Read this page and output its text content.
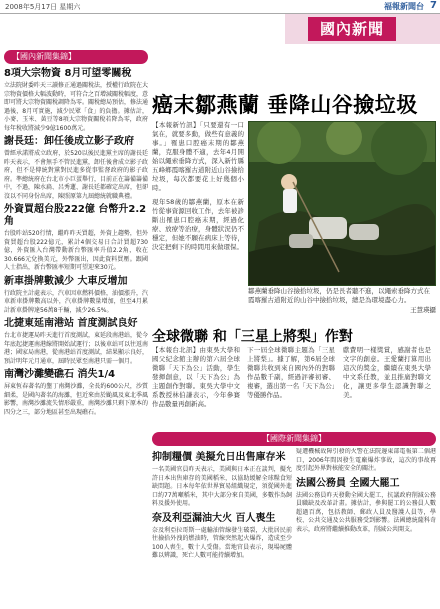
2008年5月17日 星期六	福報新聞台 7
國內新聞
【國內新聞集錦】
8項大宗物資 8月可望零關稅

立法院財委昨天三讀修正通過關稅法，授權行政院在大宗物資價格大幅波動時，可符合之百增減關稅幅度，意即可將大宗物資關稅調降為零。關稅總局預估，修法通過後，8月可實施，減少民眾「食」的負擔。據估計，小麥、玉米、黃豆等8項大宗物資關稅若降為零，政府每年稅收將減少9億1600萬元。

謝長廷：卸任後成立影子政府

曾經承諾將成立政府，於520以後民進黨主席的謝長廷昨天表示，不會無手不管民進黨，卸任後會成立影子政府，但不是傳統對黨對民進多從事監督政府的影子政府。準總統府在台北市小巨蛋舉行，目前正在籌備籌備中，不過，陳水扁、呂秀蓮、謝長廷都確定出席，但卻沒以不同身份出席，陳照原第九屆總統就職典禮。

外資買超台股222億 台幣升2.2角

台股昨站520行情，繼昨昨天買超，外資上趨勢，但外資買超台股222億元，累計4個交易日合計買超730億，外資匯入台灣帶動新台幣匯率升值2.2角，收在30.666元兌換美元，外幣匯出，因此資料買壓。跟國人士指出，新台幣匯率短期可望迎來30元。

新車掛牌數減少 大車反增加

行政院主計處表示，汽車因車燃料價格，油價漲升，汽車新車掛牌數高以外，汽車掛牌數量增加，但至4月累計新車掛牌達56萬8千輛，減少26.5%。

北捷東延南港站 首度測試良好

台北市捷運局昨天進行首度測試，東延段南港站，從今年底起捷運南港線將開始試運行；以後車站可以往返南港；國家局南港，從南港站首度測試，結果顯示良好，預計明年元月通車，屆時民眾至南港只需一個月。

南灣沙灘變礁石 消失1/4

屏東恆春著名的墾丁南灣沙灘，全長約600公尺，沙質細柔，是國內著名的海灘，但近來由於颱風及東北季風影響，南灣沙灘流失情形嚴重，南灣沙灘只剩下原本的四分之三，部分地區甚至出現礁石。

癌末鄒燕蘭 垂降山谷撿垃圾
【本報新竹訊】「只要還有一口氣在，就要多動，做些有意義的事。」罹患口腔癌末期的鄒燕蘭，克服身體不適，去年4月開始以繩索垂降方式，深入新竹縣五峰鄉霞喀羅古道附近山谷撿拾垃圾，每次都要花上好幾個小時。
現年58歲的鄒燕蘭，原本在新竹從事資源回收工作，去年被診斷出罹患口腔癌末期，經過化療、放療等治療，身體狀況仍不穩定，但她不願在病床上等待，決定把剩下的時間用來做環保。
鄒燕蘭垂降山谷撿拾垃圾，仍是長者聽不進，以繩索垂降方式在霞喀羅古道附近的山谷中撿拾垃圾，總是為環境盡心力。
王慧瑛攝
全球微聯 和「三星上將梨」作對
【本報台北訊】由東吳大學和國父紀念館主辦的第六屆全球微聯「天下為公」活動，學生發揮創意，以「天下為公」為主題創作對聯。東吳大學中文系教授林伯謙表示，今年參賽作品數量再創新高。
下一屆全球微聯主題為「三星上將梨」。據了解，第6屆全球微聯共收到來自國內外的對聯作品數千副，經過評審初審、複審，選出第一名「天下為公」等優勝作品。

獻費明一樣獎賞，感謝者也是文字的創意。王愛蘭打算用出這次的獎金，繼續在東吳大學中文系任教，並且推廣對聯文化，讓更多學生認識對聯之美。

【國際新聞集錦】
抑制糧價 美擬允日出售庫存米

一名美國官員昨天表示，美國與日本正在談判，擬允許日本出售庫存的美國稻米，以協助緩解全球糧食短缺問題。日本每年依世界貿易組織規定，須從國外進口約77萬噸稻米，其中大部分來自美國，多數作為飼料及援外使用。

奈及利亞漏油大火 百人喪生

奈及利亞拉哥斯一處輸油管線發生破裂，大批居民前往撿拾外洩的燃油時，管線突然起火爆炸，造成至少100人喪生，數十人受傷。當地官員表示，現場屍體難以辨識，死亡人數可能持續增加。

疑遭機械故障引發的火警在法院邊東部電報第二個港口，2006年間因發生電廠爆炸事故，這次的事故再度引起外界對核能安全的關注。

法國公務員 全國大罷工

法國公務員昨天發動全國大罷工，抗議政府削減公務員職缺及改革計畫。據估計，參與罷工的公務員人數超過百萬，包括教師、郵政人員及醫護人員等，學校、公共交通及公共服務受到影響。法國總統薩科奇表示，政府將繼續推動改革，削減公共開支。
